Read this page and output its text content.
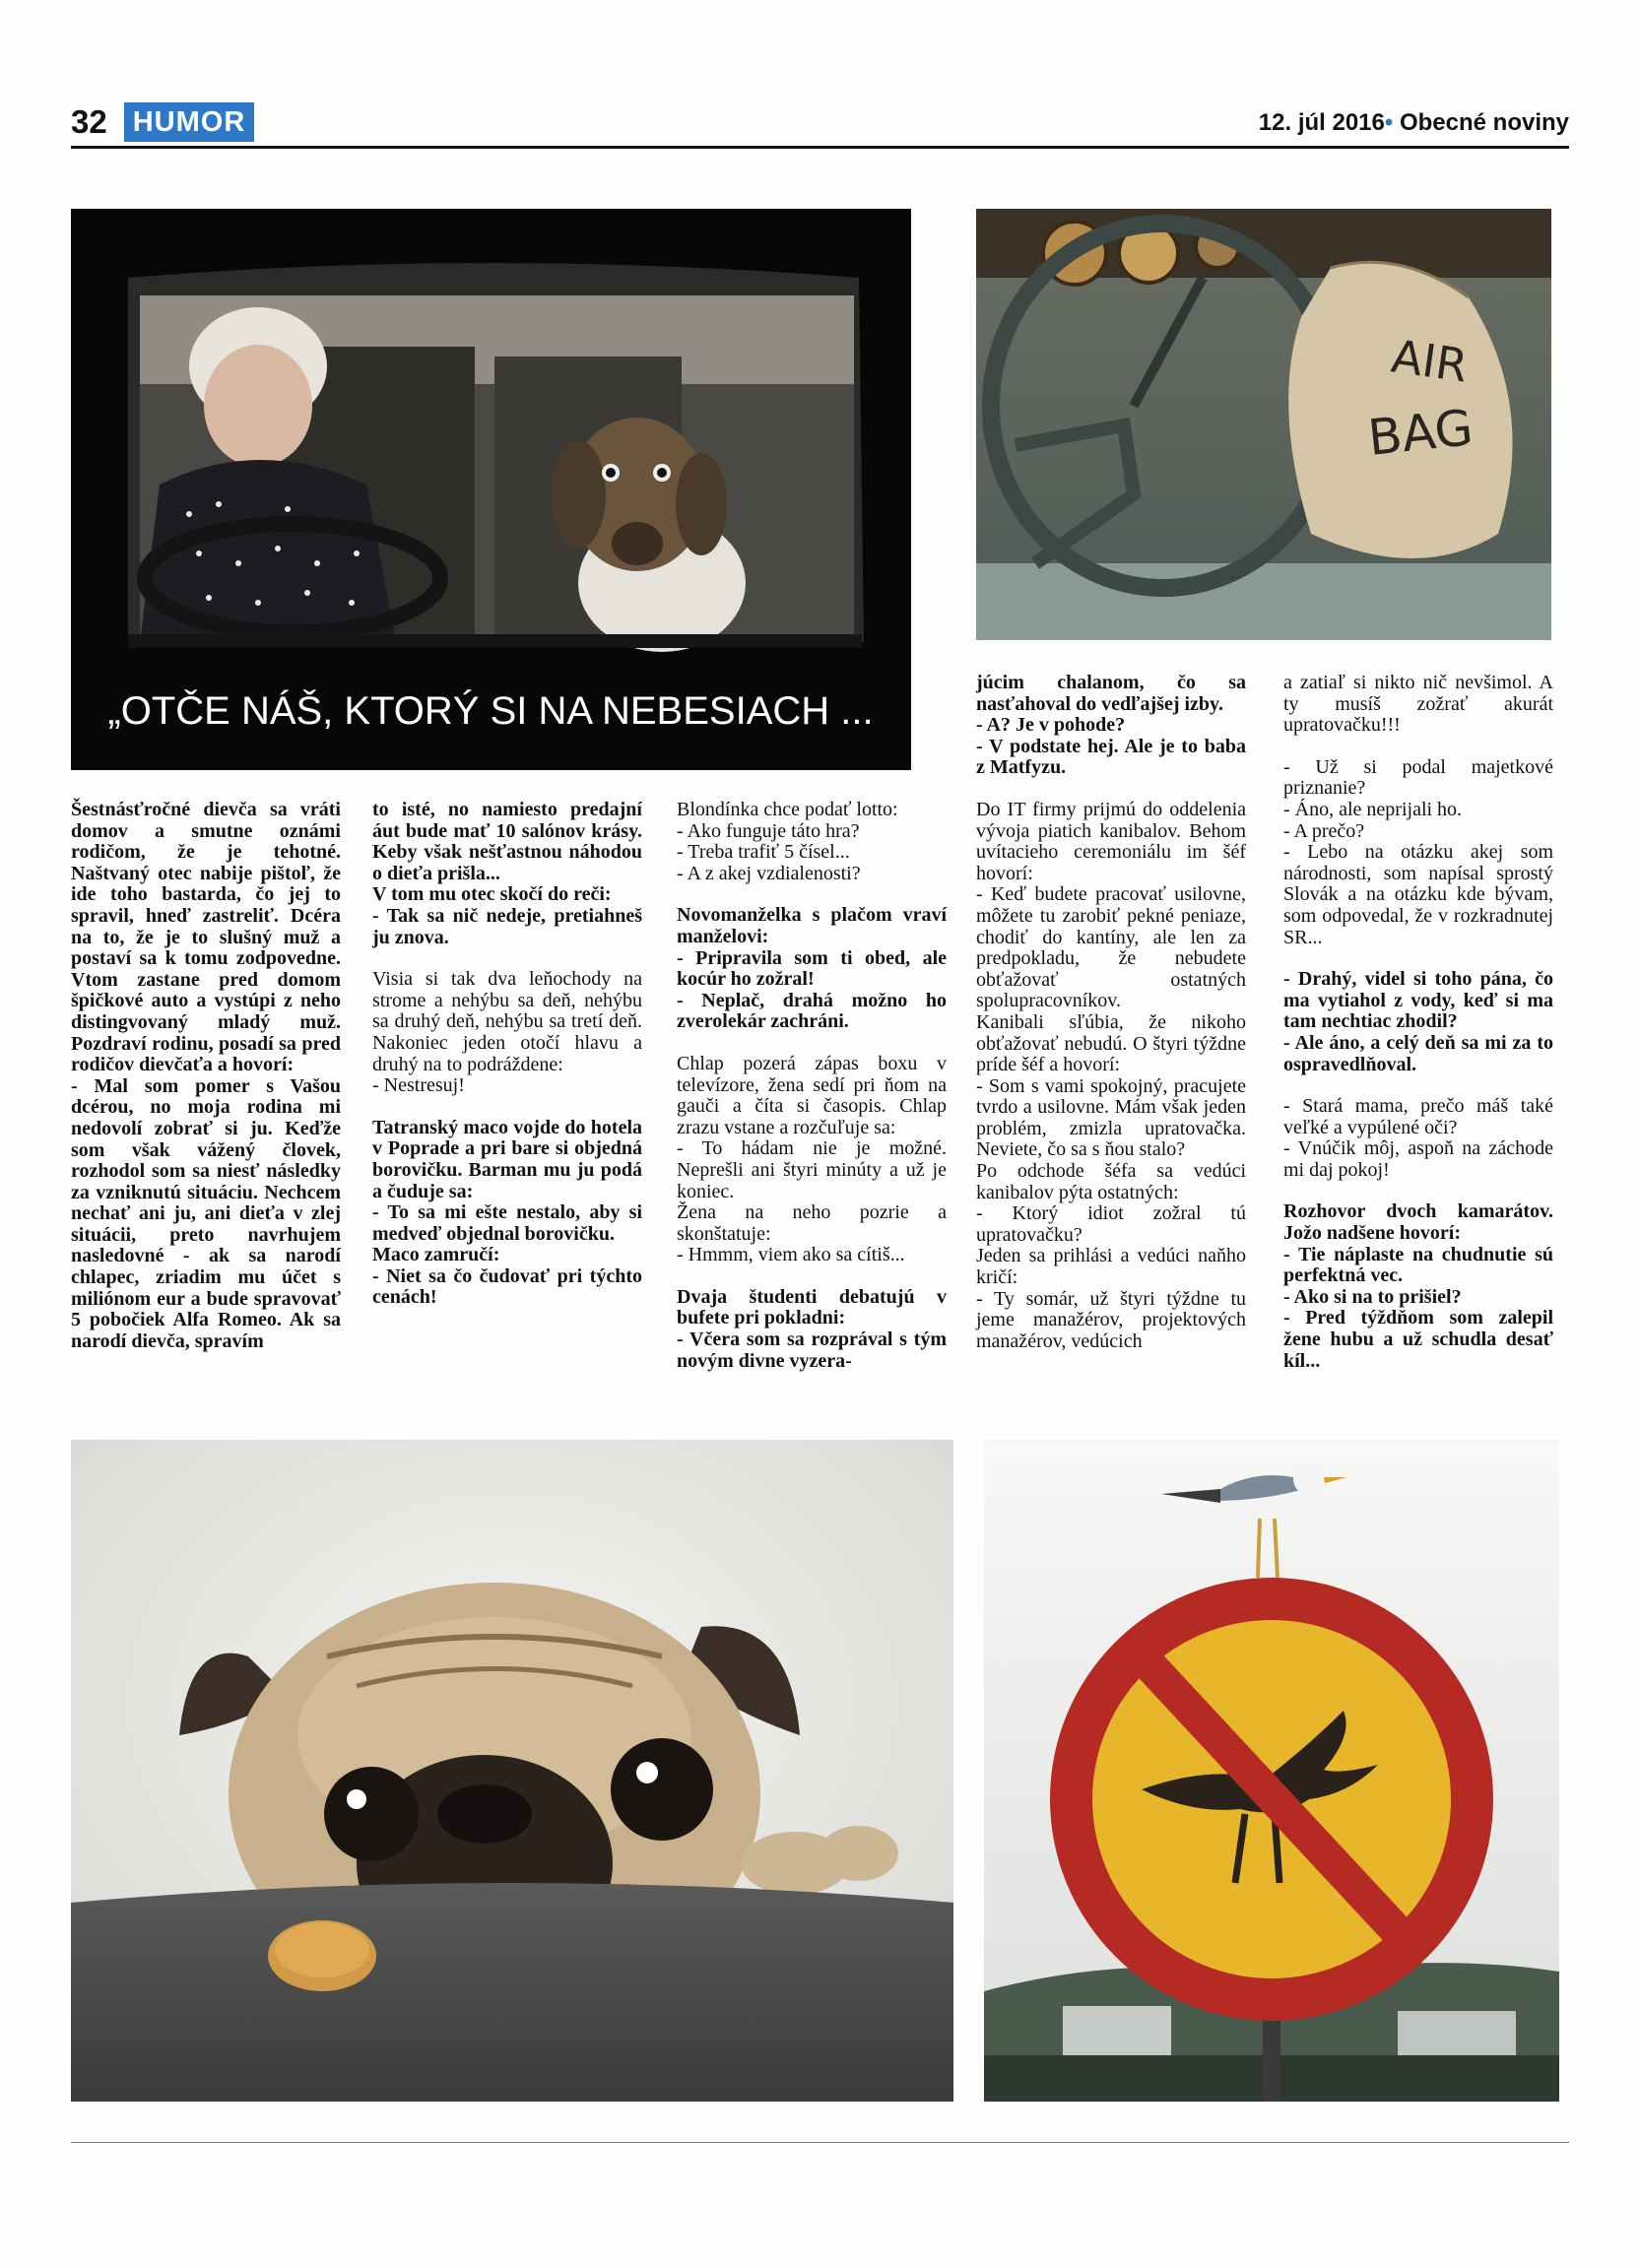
32 HUMOR	12. júl 2016• Obecné noviny
„OTČE NÁŠ, KTORÝ SI NA NEBESIACH ...
AIR
BAG
Šestnásťročné dievča sa vráti domov a smutne oznámi rodičom, že je tehotné. Naštvaný otec nabije pištoľ, že ide toho bastarda, čo jej to spravil, hneď zastreliť. Dcéra na to, že je to slušný muž a postaví sa k tomu zodpovedne. Vtom zastane pred domom špičkové auto a vystúpi z neho distingvovaný mladý muž. Pozdraví rodinu, posadí sa pred rodičov dievčaťa a hovorí:
- Mal som pomer s Vašou dcérou, no moja rodina mi nedovolí zobrať si ju. Keďže som však vážený človek, rozhodol som sa niesť následky za vzniknutú situáciu. Nechcem nechať ani ju, ani dieťa v zlej situácii, preto navrhujem nasledovné - ak sa narodí chlapec, zriadim mu účet s miliónom eur a bude spravovať 5 pobočiek Alfa Romeo. Ak sa narodí dievča, spravím
to isté, no namiesto predajní áut bude mať 10 salónov krásy. Keby však nešťastnou náhodou o dieťa prišla...
V tom mu otec skočí do reči:
- Tak sa nič nedeje, pretiahneš ju znova.
Visia si tak dva leňochody na strome a nehýbu sa deň, nehýbu sa druhý deň, nehýbu sa tretí deň. Nakoniec jeden otočí hlavu a druhý na to podráždene:
- Nestresuj!
Tatranský maco vojde do hotela v Poprade a pri bare si objedná borovičku. Barman mu ju podá a čuduje sa:
- To sa mi ešte nestalo, aby si medveď objednal borovičku.
Maco zamručí:
- Niet sa čo čudovať pri týchto cenách!
Blondínka chce podať lotto:
- Ako funguje táto hra?
- Treba trafiť 5 čísel...
- A z akej vzdialenosti?
Novomanželka s plačom vraví manželovi:
- Pripravila som ti obed, ale kocúr ho zožral!
- Neplač, drahá možno ho zverolekár zachráni.
Chlap pozerá zápas boxu v televízore, žena sedí pri ňom na gauči a číta si časopis. Chlap zrazu vstane a rozčuľuje sa:
- To hádam nie je možné. Neprešli ani štyri minúty a už je koniec.
Žena na neho pozrie a skonštatuje:
- Hmmm, viem ako sa cítiš...
Dvaja študenti debatujú v bufete pri pokladni:
- Včera som sa rozprával s tým novým divne vyzera-
júcim chalanom, čo sa nasťahoval do vedľajšej izby.
- A? Je v pohode?
- V podstate hej. Ale je to baba z Matfyzu.
Do IT firmy prijmú do oddelenia vývoja piatich kanibalov. Behom uvítacieho ceremoniálu im šéf hovorí:
- Keď budete pracovať usilovne, môžete tu zarobiť pekné peniaze, chodiť do kantíny, ale len za predpokladu, že nebudete obťažovať ostatných spolupracovníkov.
Kanibali sľúbia, že nikoho obťažovať nebudú. O štyri týždne príde šéf a hovorí:
- Som s vami spokojný, pracujete tvrdo a usilovne. Mám však jeden problém, zmizla upratovačka. Neviete, čo sa s ňou stalo?
Po odchode šéfa sa vedúci kanibalov pýta ostatných:
- Ktorý idiot zožral tú upratovačku?
Jeden sa prihlási a vedúci naňho kričí:
- Ty somár, už štyri týždne tu jeme manažérov, projektových manažérov, vedúcich
a zatiaľ si nikto nič nevšimol. A ty musíš zožrať akurát upratovačku!!!
- Už si podal majetkové priznanie?
- Áno, ale neprijali ho.
- A prečo?
- Lebo na otázku akej som národnosti, som napísal sprostý Slovák a na otázku kde bývam, som odpovedal, že v rozkradnutej SR...
- Drahý, videl si toho pána, čo ma vytiahol z vody, keď si ma tam nechtiac zhodil?
- Ale áno, a celý deň sa mi za to ospravedlňoval.
- Stará mama, prečo máš také veľké a vypúlené oči?
- Vnúčik môj, aspoň na záchode mi daj pokoj!
Rozhovor dvoch kamarátov. Jožo nadšene hovorí:
- Tie náplaste na chudnutie sú perfektná vec.
- Ako si na to prišiel?
- Pred týždňom som zalepil žene hubu a už schudla desať kíl...
